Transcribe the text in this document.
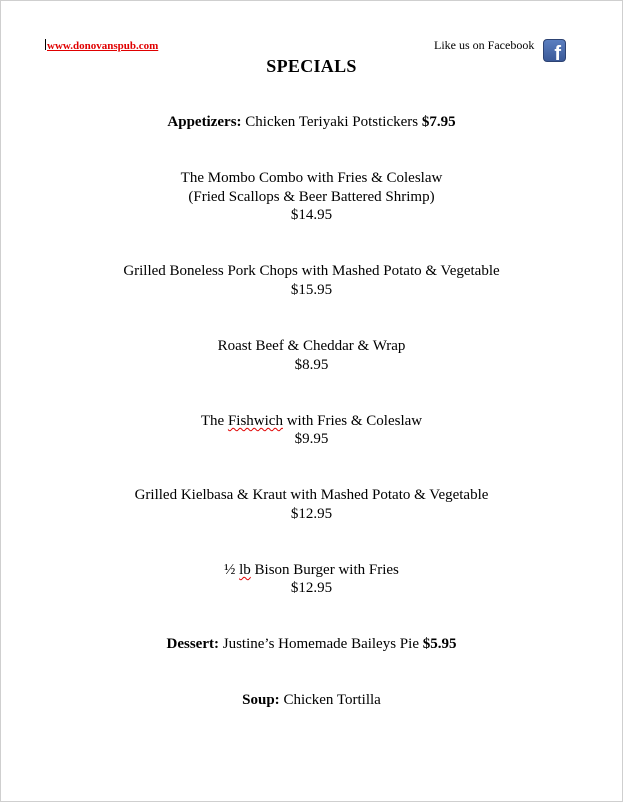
www.donovanspub.com	Like us on Facebook f
SPECIALS
Appetizers: Chicken Teriyaki Potstickers $7.95
The Mombo Combo with Fries & Coleslaw
(Fried Scallops & Beer Battered Shrimp)
$14.95
Grilled Boneless Pork Chops with Mashed Potato & Vegetable
$15.95
Roast Beef & Cheddar & Wrap
$8.95
The Fishwich with Fries & Coleslaw
$9.95
Grilled Kielbasa & Kraut with Mashed Potato & Vegetable
$12.95
½ lb Bison Burger with Fries
$12.95
Dessert: Justine’s Homemade Baileys Pie $5.95
Soup: Chicken Tortilla
